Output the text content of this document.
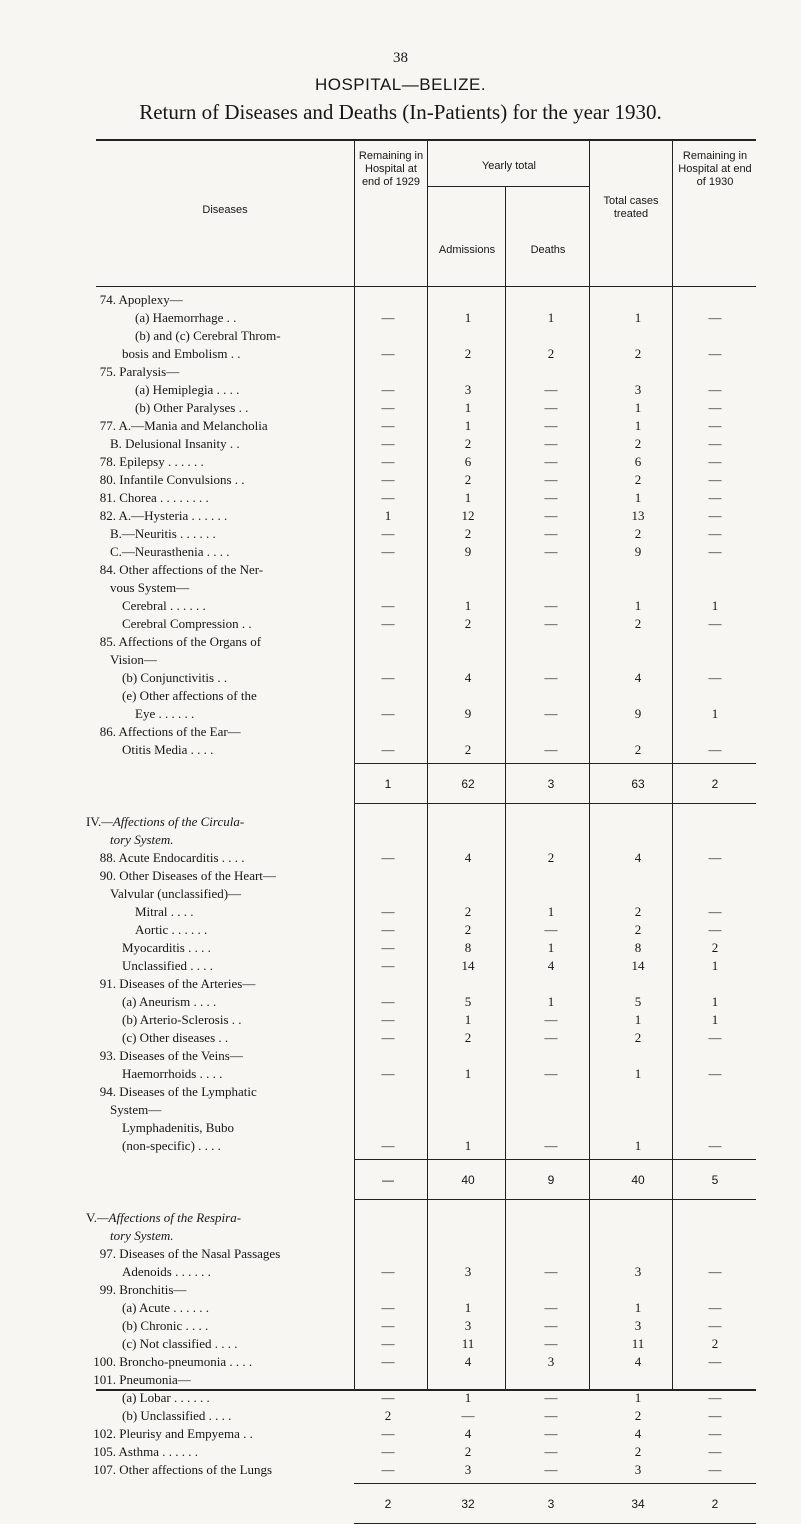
38
HOSPITAL—BELIZE.
Return of Diseases and Deaths (In-Patients) for the year 1930.
Diseases
Remaining in Hospital at end of 1929
Yearly total
Admissions	Deaths
Total cases treated
Remaining in Hospital at end of 1930
74. Apoplexy—
(a) Haemorrhage . .	—	1	1	1	—
(b) and (c) Cerebral Throm-
bosis and Embolism . .	—	2	2	2	—
75. Paralysis—
(a) Hemiplegia . . . .	—	3	—	3	—
(b) Other Paralyses . .	—	1	—	1	—
77. A.—Mania and Melancholia	—	1	—	1	—
B. Delusional Insanity . .	—	2	—	2	—
78. Epilepsy . . . . . .	—	6	—	6	—
80. Infantile Convulsions . .	—	2	—	2	—
81. Chorea . . . . . . . .	—	1	—	1	—
82. A.—Hysteria . . . . . .	1	12	—	13	—
B.—Neuritis . . . . . .	—	2	—	2	—
C.—Neurasthenia . . . .	—	9	—	9	—
84. Other affections of the Ner-
vous System—
Cerebral . . . . . .	—	1	—	1	1
Cerebral Compression . .	—	2	—	2	—
85. Affections of the Organs of
Vision—
(b) Conjunctivitis . .	—	4	—	4	—
(e) Other affections of the
Eye . . . . . .	—	9	—	9	1
86. Affections of the Ear—
Otitis Media . . . .	—	2	—	2	—
1	62	3	63	2
IV.—Affections of the Circula-
tory System.
88. Acute Endocarditis . . . .	—	4	2	4	—
90. Other Diseases of the Heart—
Valvular (unclassified)—
Mitral . . . .	—	2	1	2	—
Aortic . . . . . .	—	2	—	2	—
Myocarditis . . . .	—	8	1	8	2
Unclassified . . . .	—	14	4	14	1
91. Diseases of the Arteries—
(a) Aneurism . . . .	—	5	1	5	1
(b) Arterio-Sclerosis . .	—	1	—	1	1
(c) Other diseases . .	—	2	—	2	—
93. Diseases of the Veins—
Haemorrhoids . . . .	—	1	—	1	—
94. Diseases of the Lymphatic
System—
Lymphadenitis, Bubo
(non-specific) . . . .	—	1	—	1	—
—	40	9	40	5
V.—Affections of the Respira-
tory System.
97. Diseases of the Nasal Passages
Adenoids . . . . . .	—	3	—	3	—
99. Bronchitis—
(a) Acute . . . . . .	—	1	—	1	—
(b) Chronic . . . .	—	3	—	3	—
(c) Not classified . . . .	—	11	—	11	2
100. Broncho-pneumonia . . . .	—	4	3	4	—
101. Pneumonia—
(a) Lobar . . . . . .	—	1	—	1	—
(b) Unclassified . . . .	2	—	—	2	—
102. Pleurisy and Empyema . .	—	4	—	4	—
105. Asthma . . . . . .	—	2	—	2	—
107. Other affections of the Lungs	—	3	—	3	—
2	32	3	34	2
